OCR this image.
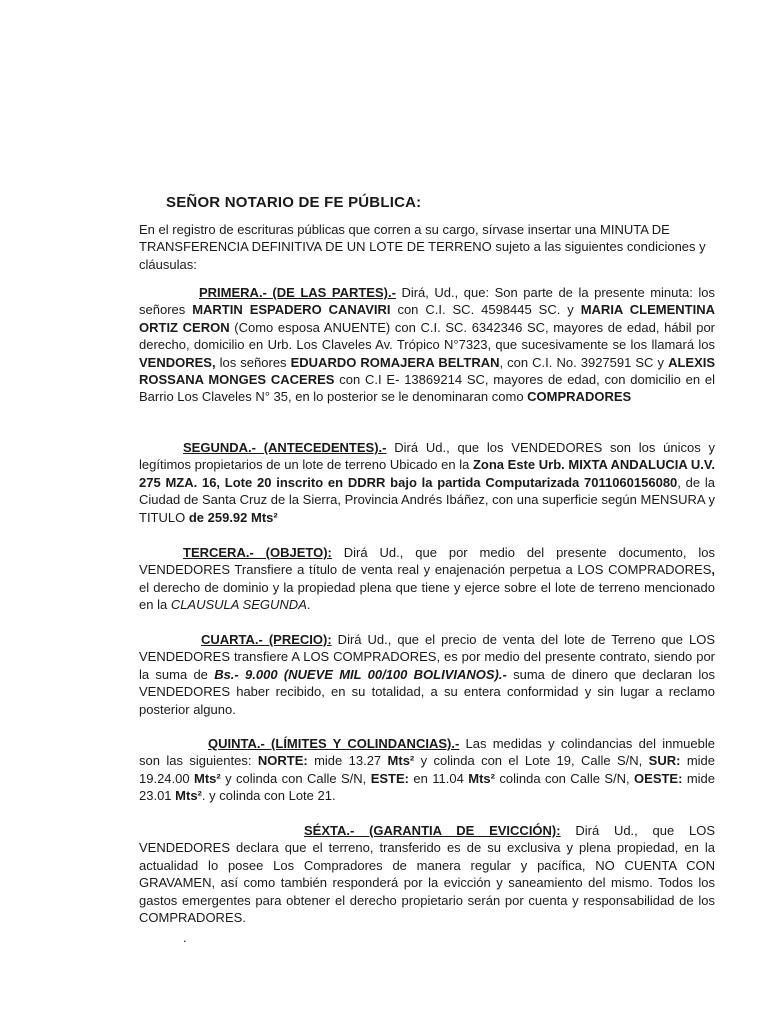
SEÑOR NOTARIO DE FE PÚBLICA:

En el registro de escrituras públicas que corren a su cargo, sírvase insertar una MINUTA DE TRANSFERENCIA DEFINITIVA DE UN LOTE DE TERRENO sujeto a las siguientes condiciones y cláusulas:

PRIMERA.- (DE LAS PARTES).- Dirá, Ud., que: Son parte de la presente minuta: los señores MARTIN ESPADERO CANAVIRI con C.I. SC. 4598445 SC. y MARIA CLEMENTINA ORTIZ CERON (Como esposa ANUENTE) con C.I. SC. 6342346 SC, mayores de edad, hábil por derecho, domicilio en Urb. Los Claveles Av. Trópico N°7323, que sucesivamente se los llamará los VENDORES, los señores EDUARDO ROMAJERA BELTRAN, con C.I. No. 3927591 SC y ALEXIS ROSSANA MONGES CACERES con C.I E- 13869214 SC, mayores de edad, con domicilio en el Barrio Los Claveles N° 35, en lo posterior se le denominaran como COMPRADORES

SEGUNDA.- (ANTECEDENTES).- Dirá Ud., que los VENDEDORES son los únicos y legítimos propietarios de un lote de terreno Ubicado en la Zona Este Urb. MIXTA ANDALUCIA U.V. 275 MZA. 16, Lote 20 inscrito en DDRR bajo la partida Computarizada 7011060156080, de la Ciudad de Santa Cruz de la Sierra, Provincia Andrés Ibáñez, con una superficie según MENSURA y TITULO de 259.92 Mts²

TERCERA.- (OBJETO): Dirá Ud., que por medio del presente documento, los VENDEDORES Transfiere a título de venta real y enajenación perpetua a LOS COMPRADORES, el derecho de dominio y la propiedad plena que tiene y ejerce sobre el lote de terreno mencionado en la CLAUSULA SEGUNDA.

CUARTA.- (PRECIO): Dirá Ud., que el precio de venta del lote de Terreno que LOS VENDEDORES transfiere A LOS COMPRADORES, es por medio del presente contrato, siendo por la suma de Bs.- 9.000 (NUEVE MIL 00/100 BOLIVIANOS).- suma de dinero que declaran los VENDEDORES haber recibido, en su totalidad, a su entera conformidad y sin lugar a reclamo posterior alguno.

QUINTA.- (LÍMITES Y COLINDANCIAS).- Las medidas y colindancias del inmueble son las siguientes: NORTE: mide 13.27 Mts² y colinda con el Lote 19, Calle S/N, SUR: mide 19.24.00 Mts² y colinda con Calle S/N, ESTE: en 11.04 Mts² colinda con Calle S/N, OESTE: mide 23.01 Mts². y colinda con Lote 21.

SÉXTA.- (GARANTIA DE EVICCIÓN): Dirá Ud., que LOS VENDEDORES declara que el terreno, transferido es de su exclusiva y plena propiedad, en la actualidad lo posee Los Compradores de manera regular y pacífica, NO CUENTA CON GRAVAMEN, así como también responderá por la evicción y saneamiento del mismo. Todos los gastos emergentes para obtener el derecho propietario serán por cuenta y responsabilidad de los COMPRADORES.

.
